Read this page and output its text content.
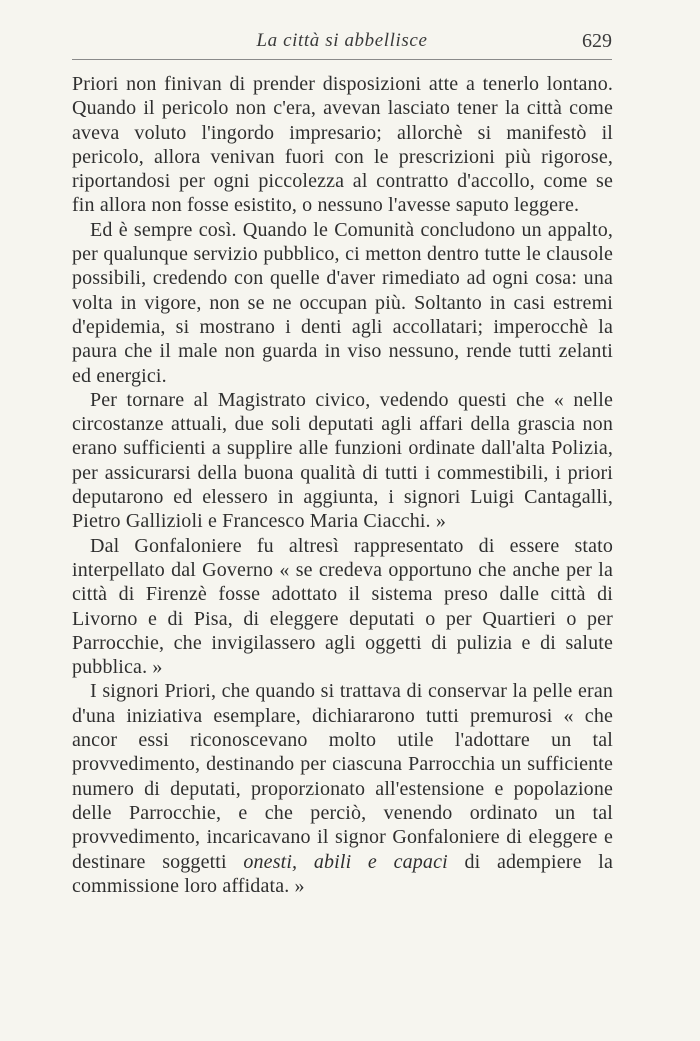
La città si abbellisce	629

Priori non finivan di prender disposizioni atte a tenerlo lontano. Quando il pericolo non c'era, avevan lasciato tener la città come aveva voluto l'ingordo impresario; allorchè si manifestò il pericolo, allora venivan fuori con le prescrizioni più rigorose, riportandosi per ogni piccolezza al contratto d'accollo, come se fin allora non fosse esistito, o nessuno l'avesse saputo leggere.

Ed è sempre così. Quando le Comunità concludono un appalto, per qualunque servizio pubblico, ci metton dentro tutte le clausole possibili, credendo con quelle d'aver rimediato ad ogni cosa: una volta in vigore, non se ne occupan più. Soltanto in casi estremi d'epidemia, si mostrano i denti agli accollatari; imperocchè la paura che il male non guarda in viso nessuno, rende tutti zelanti ed energici.

Per tornare al Magistrato civico, vedendo questi che « nelle circostanze attuali, due soli deputati agli affari della grascia non erano sufficienti a supplire alle funzioni ordinate dall'alta Polizia, per assicurarsi della buona qualità di tutti i commestibili, i priori deputarono ed elessero in aggiunta, i signori Luigi Cantagalli, Pietro Gallizioli e Francesco Maria Ciacchi. »

Dal Gonfaloniere fu altresì rappresentato di essere stato interpellato dal Governo « se credeva opportuno che anche per la città di Firenzè fosse adottato il sistema preso dalle città di Livorno e di Pisa, di eleggere deputati o per Quartieri o per Parrocchie, che invigilassero agli oggetti di pulizia e di salute pubblica. »

I signori Priori, che quando si trattava di conservar la pelle eran d'una iniziativa esemplare, dichiararono tutti premurosi « che ancor essi riconoscevano molto utile l'adottare un tal provvedimento, destinando per ciascuna Parrocchia un sufficiente numero di deputati, proporzionato all'estensione e popolazione delle Parrocchie, e che perciò, venendo ordinato un tal provvedimento, incaricavano il signor Gonfaloniere di eleggere e destinare soggetti onesti, abili e capaci di adempiere la commissione loro affidata. »
